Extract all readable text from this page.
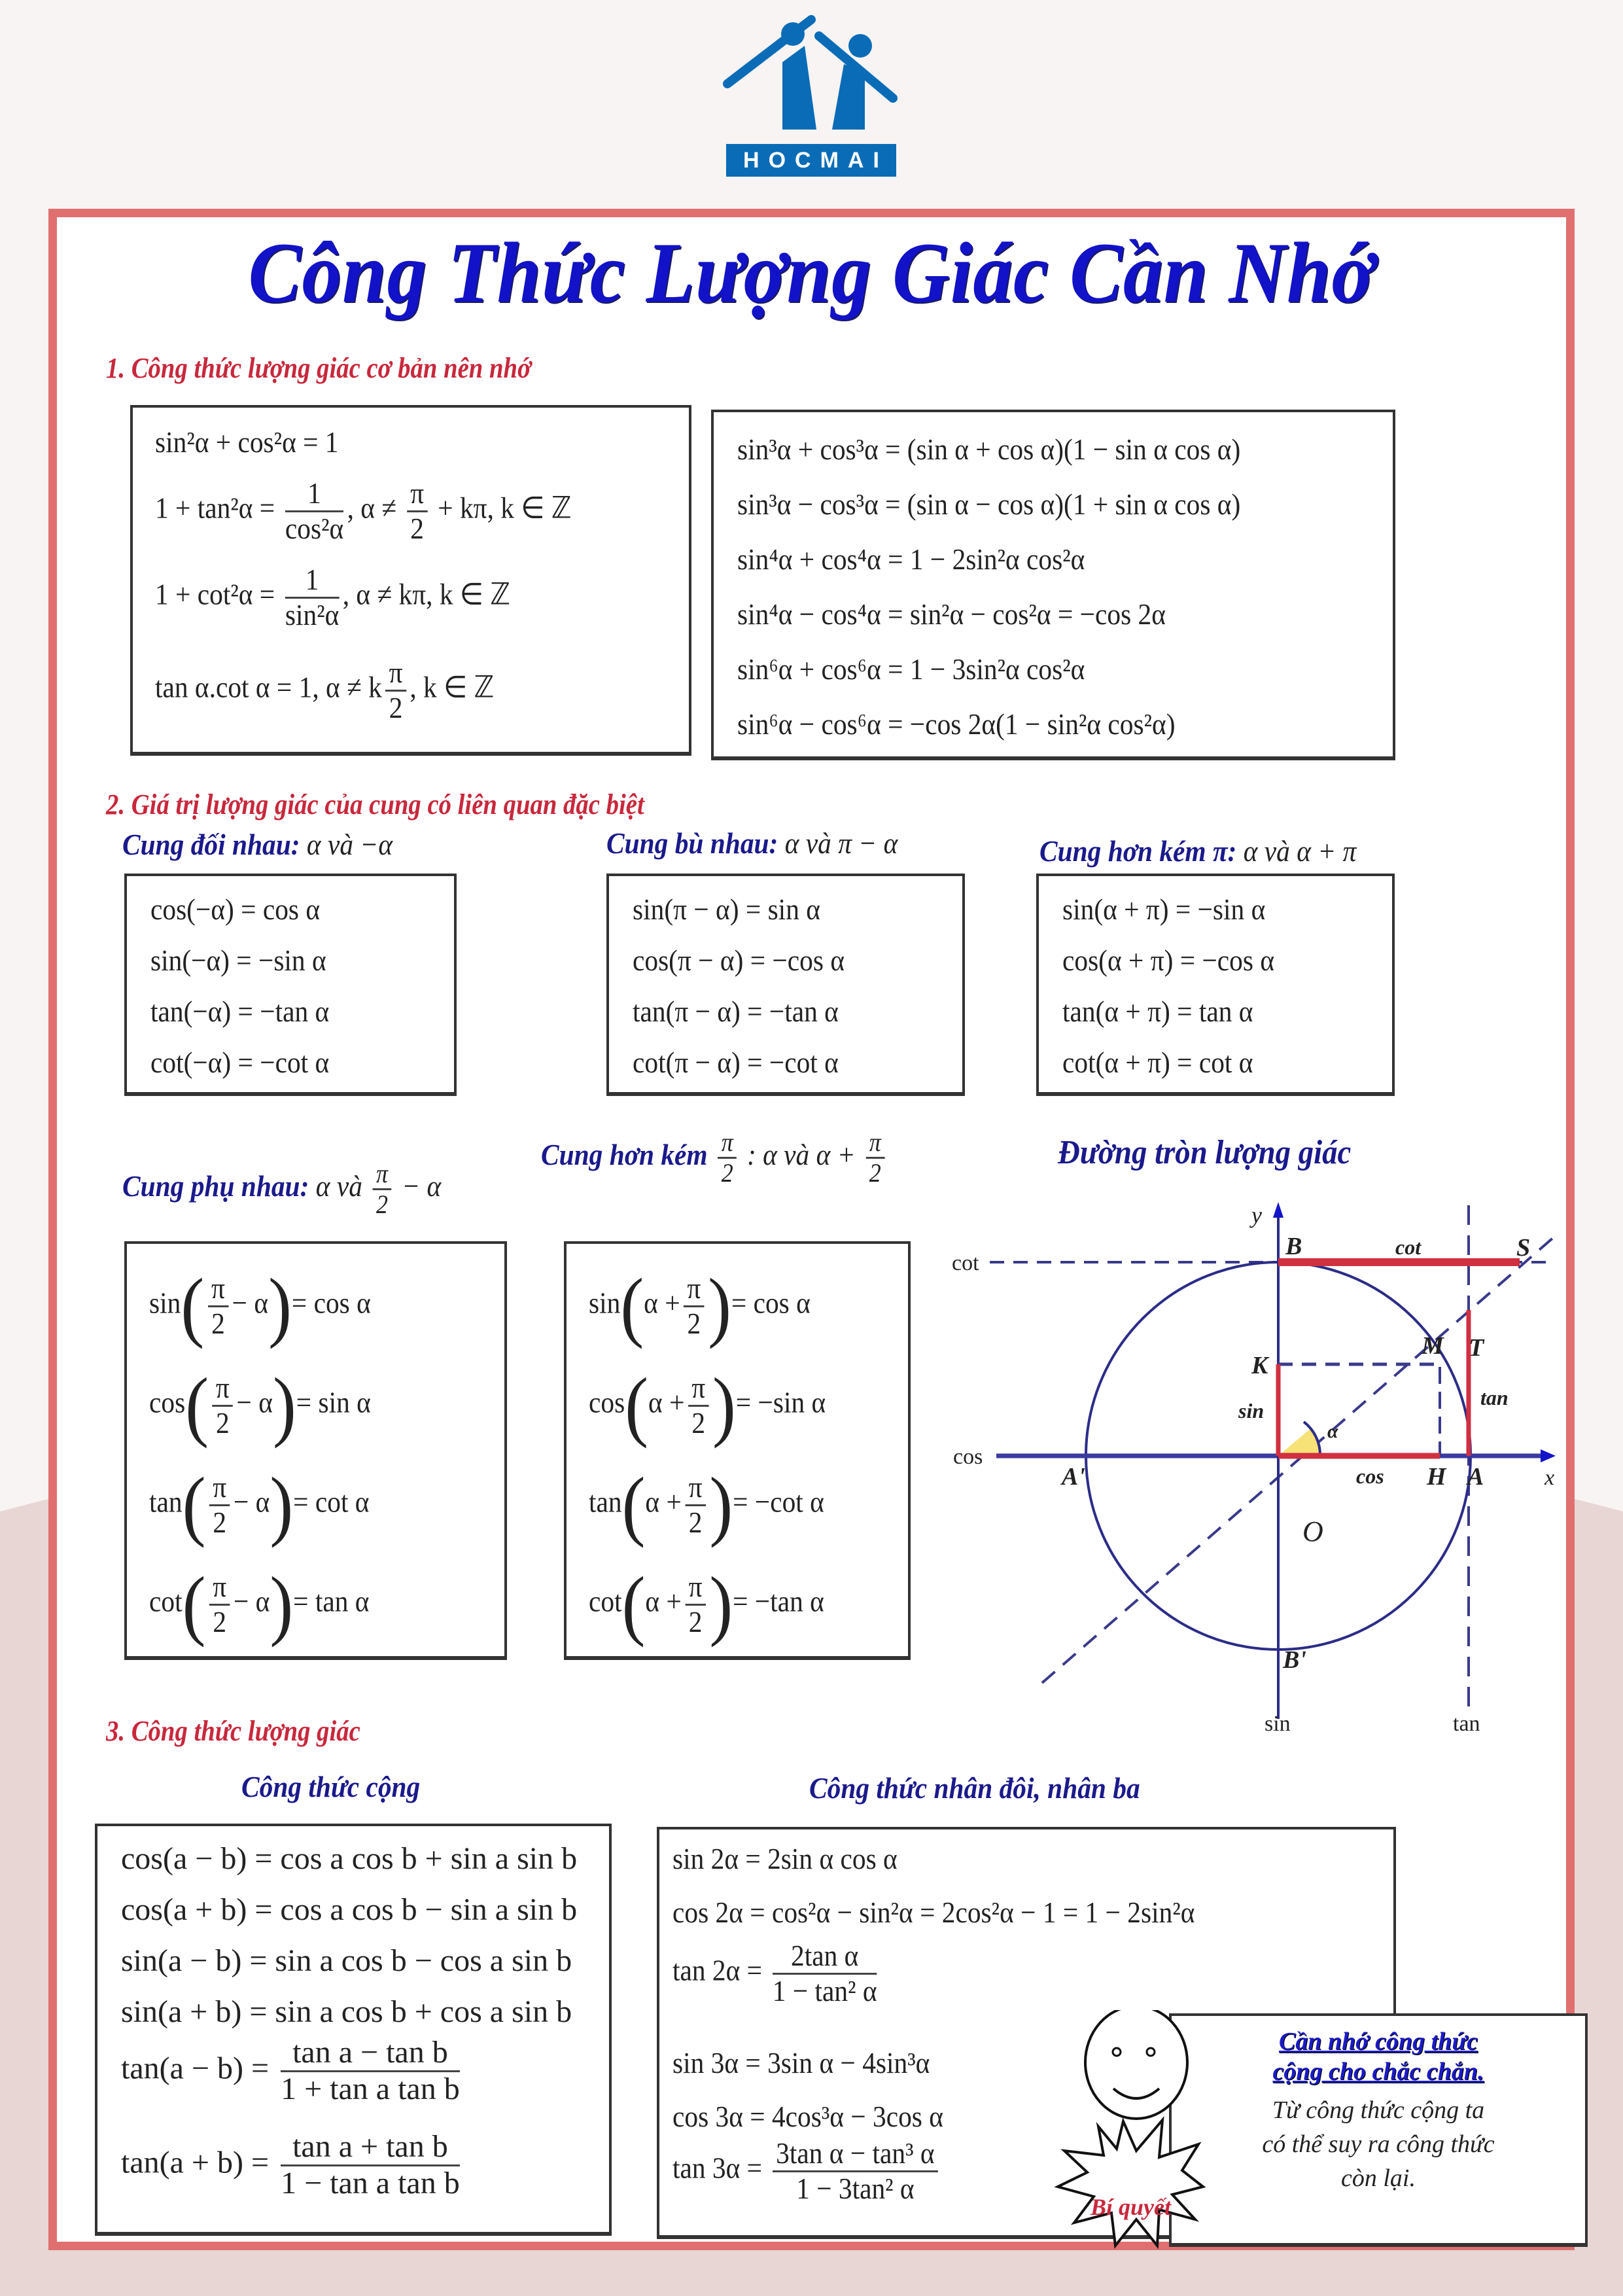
HOCMAI
Công Thức Lượng Giác Cần Nhớ
1. Công thức lượng giác cơ bản nên nhớ
sin²α + cos²α = 1
$1 + \tan^2\alpha = \frac{1}{\text{cos²α}}$ , $\alpha \ne \frac{\pi}{2} + k\pi$, k ∈ ℤ
$1 + \cot^2\alpha = \frac{1}{\text{sin²α}}$ , α ≠ kπ, k ∈ ℤ
tan α.cot α = 1, α ≠ k $\frac{\pi}{2}$ , k ∈ ℤ
sin³α + cos³α = (sin α + cos α)(1 − sin α cos α)
sin³α − cos³α = (sin α − cos α)(1 + sin α cos α)
sin⁴α + cos⁴α = 1 − 2sin²α cos²α
sin⁴α − cos⁴α = sin²α − cos²α = −cos 2α
sin⁶α + cos⁶α = 1 − 3sin²α cos²α
sin⁶α − cos⁶α = −cos 2α(1 − sin²α cos²α)
2. Giá trị lượng giác của cung có liên quan đặc biệt
Cung đối nhau: α và −α	Cung bù nhau: α và π − α	Cung hơn kém π: α và α + π
cos(−α) = cos α
sin(−α) = −sin α
tan(−α) = −tan α
cot(−α) = −cot α
sin(π − α) = sin α
cos(π − α) = −cos α
tan(π − α) = −tan α
cot(π − α) = −cot α
sin(α + π) = −sin α
cos(α + π) = −cos α
tan(α + π) = tan α
cot(α + π) = cot α
Cung phụ nhau: α và $\frac{\pi}{2} - \alpha$
Cung hơn kém $\frac{\pi}{2}$ : α và $\alpha + \frac{\pi}{2}$
$\sin( \frac{\pi}{2} - \alpha)= \cos \alpha$
$\cos( \frac{\pi}{2} - \alpha)= \sin \alpha$
$\tan( \frac{\pi}{2} - \alpha)= \cot \alpha$
$\cot( \frac{\pi}{2} - \alpha)= \tan \alpha$
$\sin(\alpha + \frac{\pi}{2}$ )= cos α
$\cos(\alpha + \frac{\pi}{2}$ )= −sin α
$\tan(\alpha + \frac{\pi}{2}$ )= −cot α
$\cot(\alpha + \frac{\pi}{2}$ )= −tan α
Đường tròn lượng giác
y
x
B
B'
A
A'
O
K
M T
S
H
α
sin
cos
tan
cot
sin	tan
cot
cos
3. Công thức lượng giác
Công thức cộng	Công thức nhân đôi, nhân ba
cos(a − b) = cos a cos b + sin a sin b
cos(a + b) = cos a cos b − sin a sin b
sin(a − b) = sin a cos b − cos a sin b
sin(a + b) = sin a cos b + cos a sin b
$\tan(a - b) = \frac{\text{tan a − tan b}}{\text{1 + tan a tan b}}$
$\tan(a + b) = \frac{\text{tan a + tan b}}{\text{1 − tan a tan b}}$
sin 2α = 2sin α cos α
cos 2α = cos²α − sin²α = 2cos²α − 1 = 1 − 2sin²α
$\tan 2\alpha = \frac{\text{2tan α}}{\text{1 − tan² α}}$
sin 3α = 3sin α − 4sin³α
cos 3α = 4cos³α − 3cos α
$\tan 3\alpha = \frac{\text{3tan α − tan³ α}}{\text{1 − 3tan² α}}$
Cần nhớ công thức
cộng cho chắc chắn.
Từ công thức cộng ta
có thể suy ra công thức
còn lại.
Bí quyết
